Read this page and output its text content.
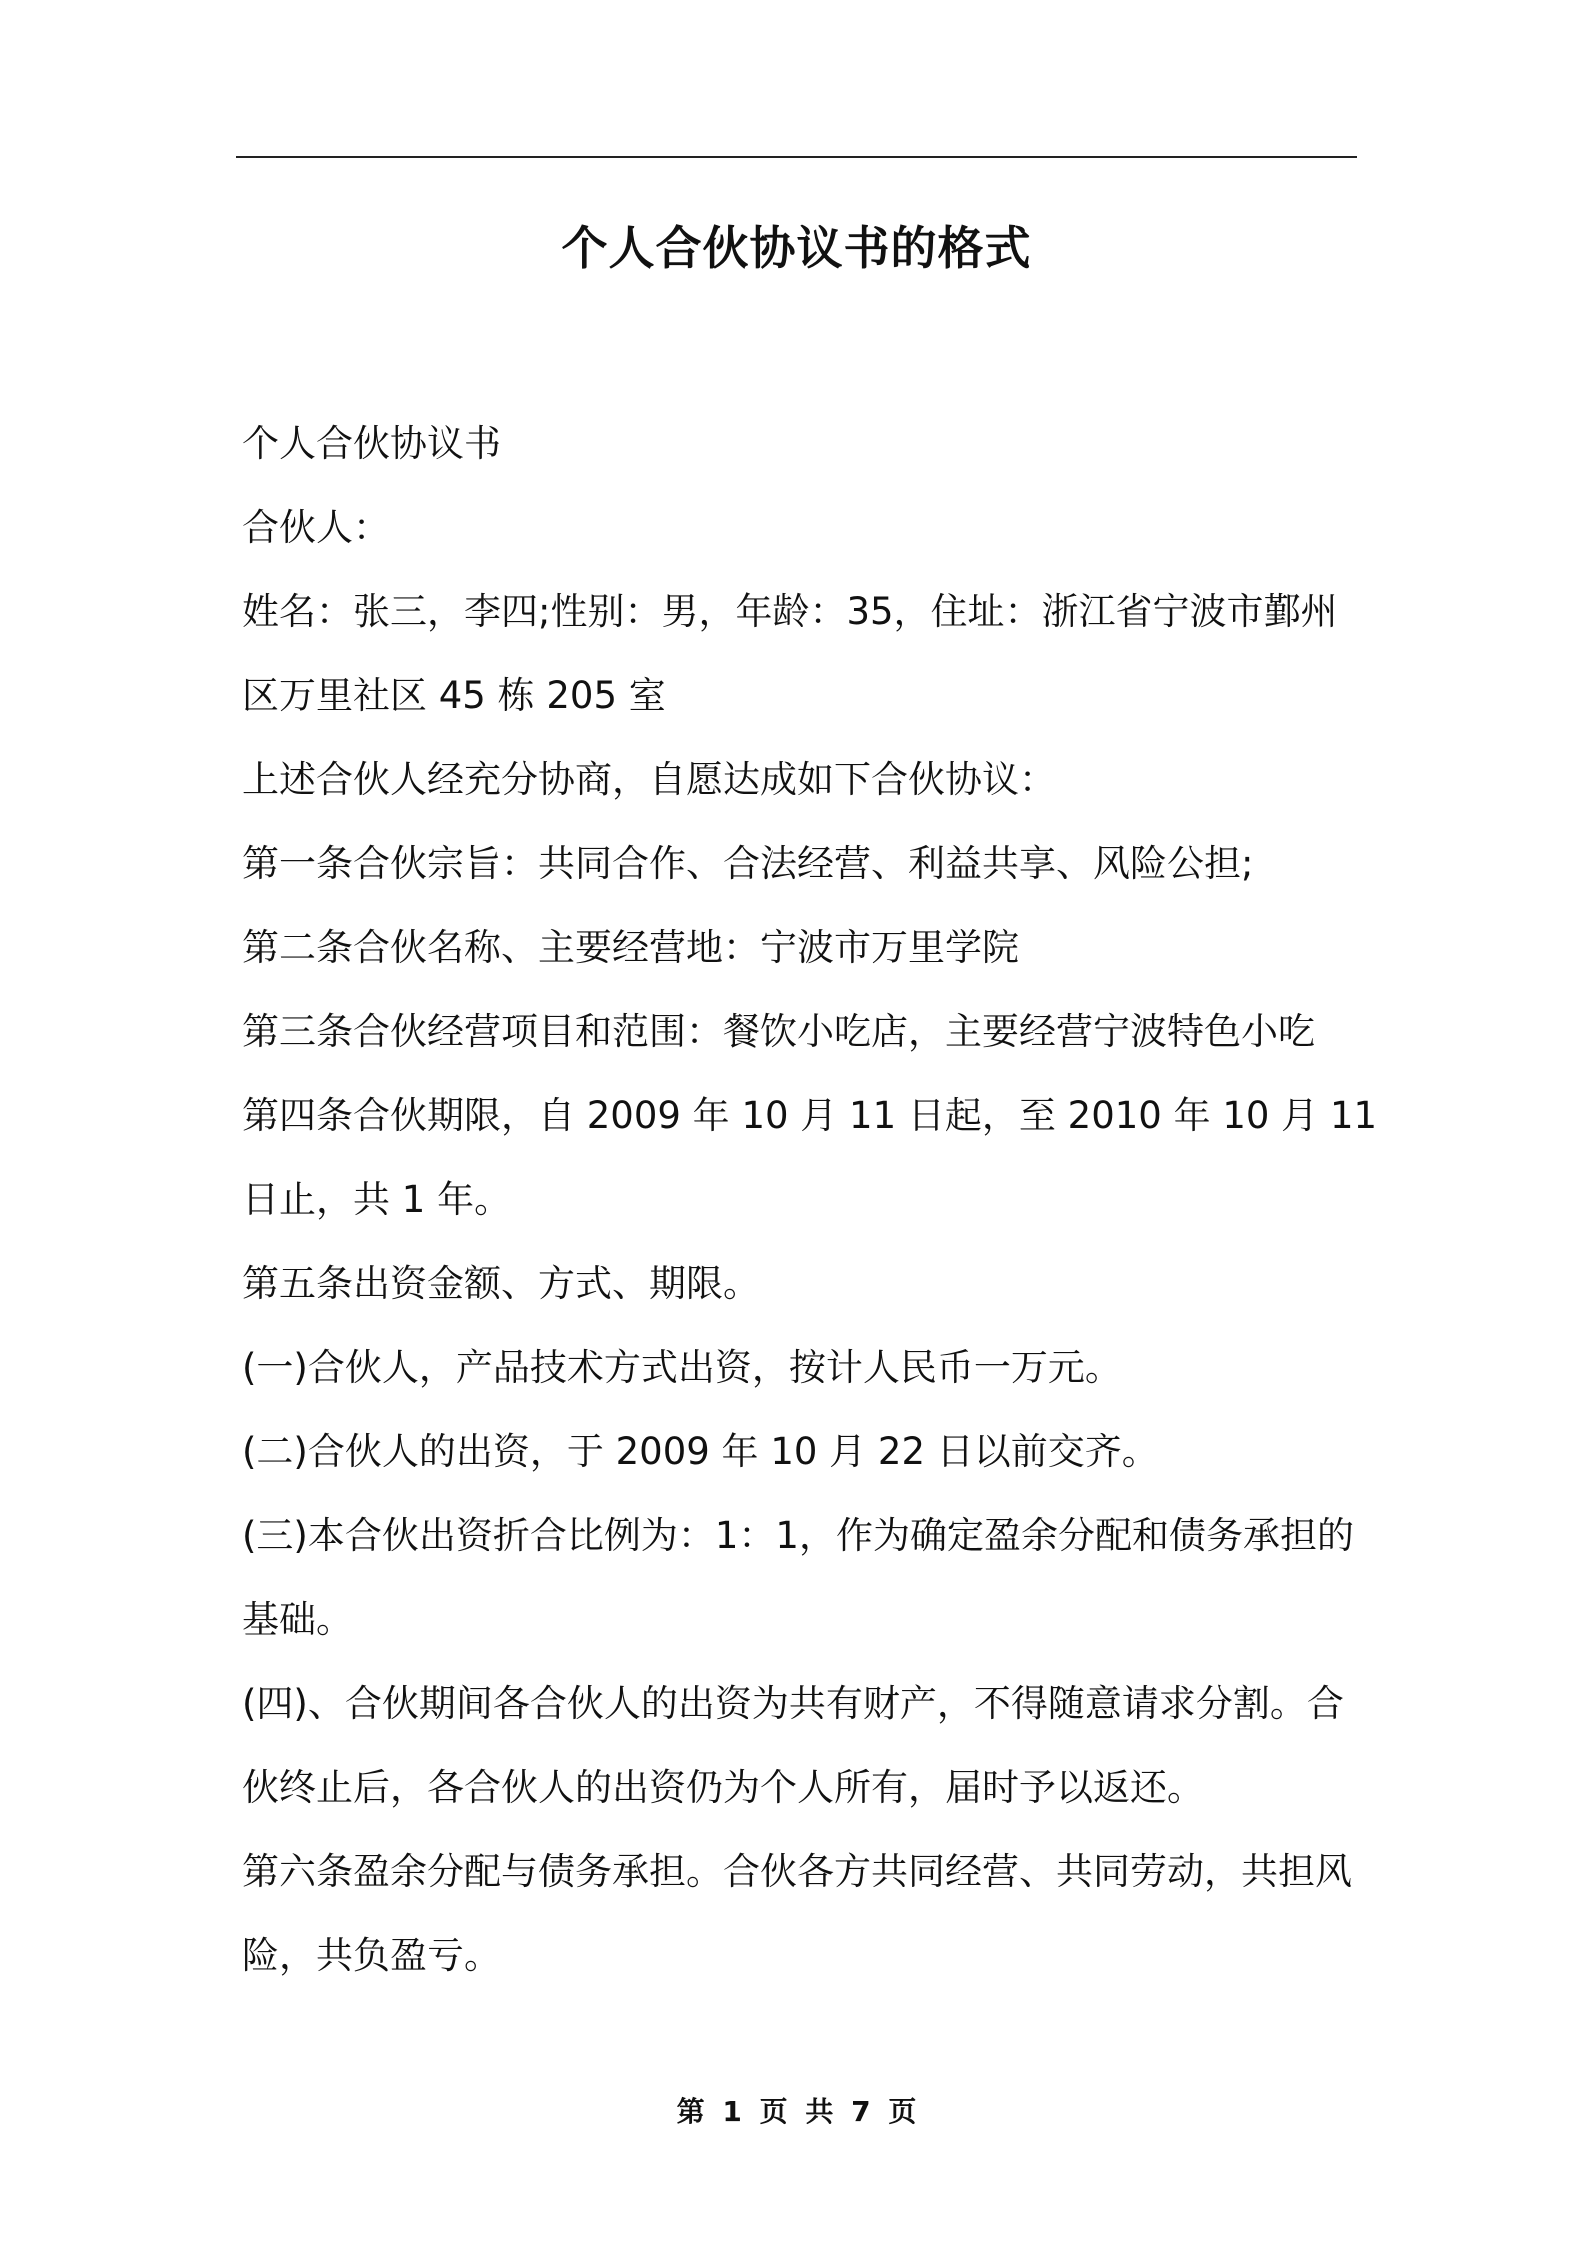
个人合伙协议书的格式

个人合伙协议书

合伙人：

姓名：张三，李四;性别：男，年龄：35，住址：浙江省宁波市鄞州

区万里社区 45 栋 205 室

上述合伙人经充分协商，自愿达成如下合伙协议：

第一条合伙宗旨：共同合作、合法经营、利益共享、风险公担;

第二条合伙名称、主要经营地：宁波市万里学院

第三条合伙经营项目和范围：餐饮小吃店，主要经营宁波特色小吃

第四条合伙期限，自 2009 年 10 月 11 日起，至 2010 年 10 月 11

日止，共 1 年。

第五条出资金额、方式、期限。

(一)合伙人，产品技术方式出资，按计人民币一万元。

(二)合伙人的出资，于 2009 年 10 月 22 日以前交齐。

(三)本合伙出资折合比例为：1：1，作为确定盈余分配和债务承担的

基础。

(四)、合伙期间各合伙人的出资为共有财产，不得随意请求分割。合

伙终止后，各合伙人的出资仍为个人所有，届时予以返还。

第六条盈余分配与债务承担。合伙各方共同经营、共同劳动，共担风

险，共负盈亏。

第 1 页 共 7 页
